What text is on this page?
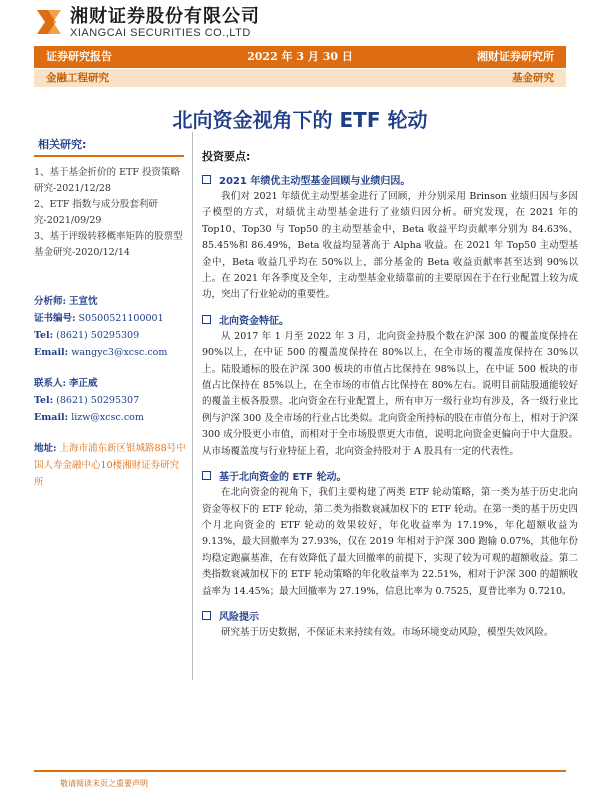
湘财证券股份有限公司
XIANGCAI SECURITIES CO.,LTD
证券研究报告	2022 年 3 月 30 日	湘财证券研究所
金融工程研究	基金研究
北向资金视角下的 ETF 轮动
相关研究:
1、基于基金折价的 ETF 投资策略研究-2021/12/28
2、ETF 指数与成分股套利研究-2021/09/29
3、基于评级转移概率矩阵的股票型基金研究-2020/12/14
分析师: 王宣忱
证书编号: S0500521100001
Tel: (8621) 50295309
Email: wangyc3@xcsc.com
联系人: 李正威
Tel: (8621) 50295307
Email: lizw@xcsc.com
地址: 上海市浦东新区银城路88号中国人寿金融中心10楼湘财证券研究所
投资要点:
2021 年绩优主动型基金回顾与业绩归因。

我们对 2021 年绩优主动型基金进行了回顾，并分别采用 Brinson 业绩归因与多因子模型的方式，对绩优主动型基金进行了业绩归因分析。研究发现，在 2021 年的 Top10、Top30 与 Top50 的主动型基金中，Beta 收益平均贡献率分别为 84.63%、85.45%和 86.49%，Beta 收益均显著高于 Alpha 收益。在 2021 年 Top50 主动型基金中，Beta 收益几乎均在 50%以上，部分基金的 Beta 收益贡献率甚至达到 90%以上。在 2021 年各季度及全年，主动型基金业绩靠前的主要原因在于在行业配置上较为成功，突出了行业轮动的重要性。

北向资金特征。

从 2017 年 1 月至 2022 年 3 月，北向资金持股个数在沪深 300 的覆盖度保持在 90%以上，在中证 500 的覆盖度保持在 80%以上，在全市场的覆盖度保持在 30%以上。陆股通标的股在沪深 300 板块的市值占比保持在 98%以上，在中证 500 板块的市值占比保持在 85%以上，在全市场的市值占比保持在 80%左右。说明目前陆股通能较好的覆盖主板各股票。北向资金在行业配置上，所有申万一级行业均有涉及，各一级行业比例与沪深 300 及全市场的行业占比类似。北向资金所持标的股在市值分布上，相对于沪深 300 成分股更小市值，而相对于全市场股票更大市值，说明北向资金更偏向于中大盘股。从市场覆盖度与行业特征上看，北向资金持股对于 A 股具有一定的代表性。

基于北向资金的 ETF 轮动。

在北向资金的视角下，我们主要构建了两类 ETF 轮动策略，第一类为基于历史北向资金等权下的 ETF 轮动，第二类为指数衰减加权下的 ETF 轮动。在第一类的基于历史四个月北向资金的 ETF 轮动的效果较好，年化收益率为 17.19%，年化超额收益为 9.13%，最大回撤率为 27.93%，仅在 2019 年相对于沪深 300 跑输 0.07%，其他年份均稳定跑赢基准，在有效降低了最大回撤率的前提下，实现了较为可观的超额收益。第二类指数衰减加权下的 ETF 轮动策略的年化收益率为 22.51%，相对于沪深 300 的超额收益率为 14.45%；最大回撤率为 27.19%，信息比率为 0.7525，夏普比率为 0.7210。

风险提示

研究基于历史数据，不保证未来持续有效。市场环境变动风险，模型失效风险。

敬请阅读末页之重要声明
